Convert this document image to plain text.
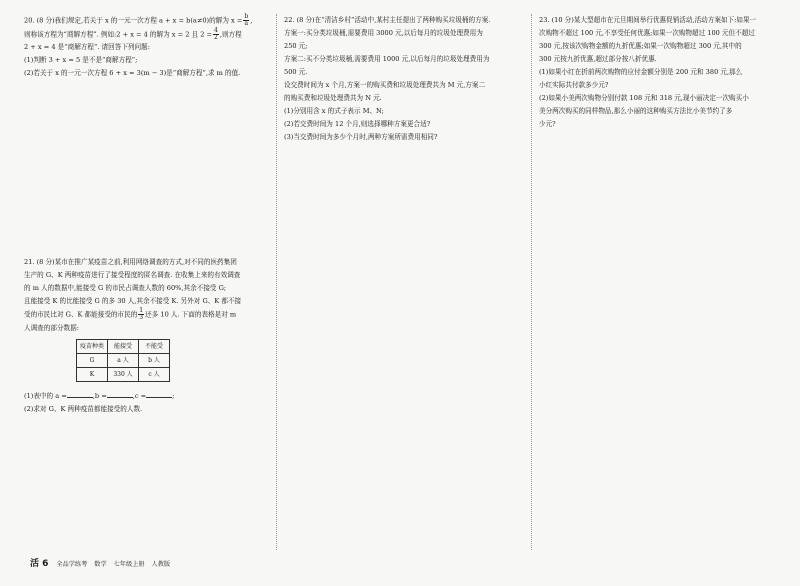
20. (8 分)我们规定,若关于 x 的一元一次方程 a + x = b(a≠0)的解为 $x = \frac{b}{a}$ ,

则称该方程为“商解方程”. 例如:2 + x = 4 的解为 x = 2 且 $2 = \frac{4}{2}$ ,则方程

2 + x = 4 是“商解方程”. 请回答下列问题:

(1)判断 3 + x = 5 是不是“商解方程”;

(2)若关于 x 的一元一次方程 6 + x = 3(m − 3)是“商解方程”,求 m 的值.

21. (8 分)某市在推广某疫苗之前,利用网络调查的方式,对不同的医药集团

生产的 G、K 两种疫苗进行了接受程度的匿名调查. 在收集上来的有效调查

的 m 人的数据中,能接受 G 的市民占调查人数的 60%,其余不接受 G;

且能接受 K 的比能接受 G 的多 30 人,其余不接受 K. 另外对 G、K 都不接

受的市民比对 G、K 都能接受的市民的 $\frac{1}{3}$ 还多 10 人. 下面的表格是对 m

人调查的部分数据:

疫苗种类	能接受	不能受
G	a 人	b 人
K	330 人	c 人

(1)表中的 a =	,b =	,c =	;

(2)求对 G、K 两种疫苗都能接受的人数.

22. (8 分)在“清洁乡村”活动中,某村主任提出了两种购买垃圾桶的方案.

方案一:买分类垃圾桶,需要费用 3000 元,以后每月的垃圾处理费用为

250 元;

方案二:买不分类垃圾桶,需要费用 1000 元,以后每月的垃圾处理费用为

500 元.

设交费时间为 x 个月,方案一的购买费和垃圾处理费共为 M 元,方案二

的购买费和垃圾处理费共为 N 元.

(1)分别用含 x 的式子表示 M、N;

(2)若交费时间为 12 个月,则选择哪种方案更合适?

(3)当交费时间为多少个月时,两种方案所需费用相同?

23. (10 分)某大型超市在元旦期间举行优惠促销活动,活动方案如下:如果一

次购物不超过 100 元,不享受任何优惠;如果一次购物超过 100 元但不超过

300 元,按该次购物金额的九折优惠;如果一次购物超过 300 元,其中的

300 元按九折优惠,超过部分按八折优惠.

(1)如果小红在折前两次购物的应付金额分别是 200 元和 380 元,那么

小红实际共付款多少元?

(2)如果小美两次购物分别付款 108 元和 318 元,现小丽决定一次购买小

美分两次购买的同样物品,那么小丽的这种购买方法比小美节约了多

少元?

活 6 全品学练考 数学 七年级上册 人教版
